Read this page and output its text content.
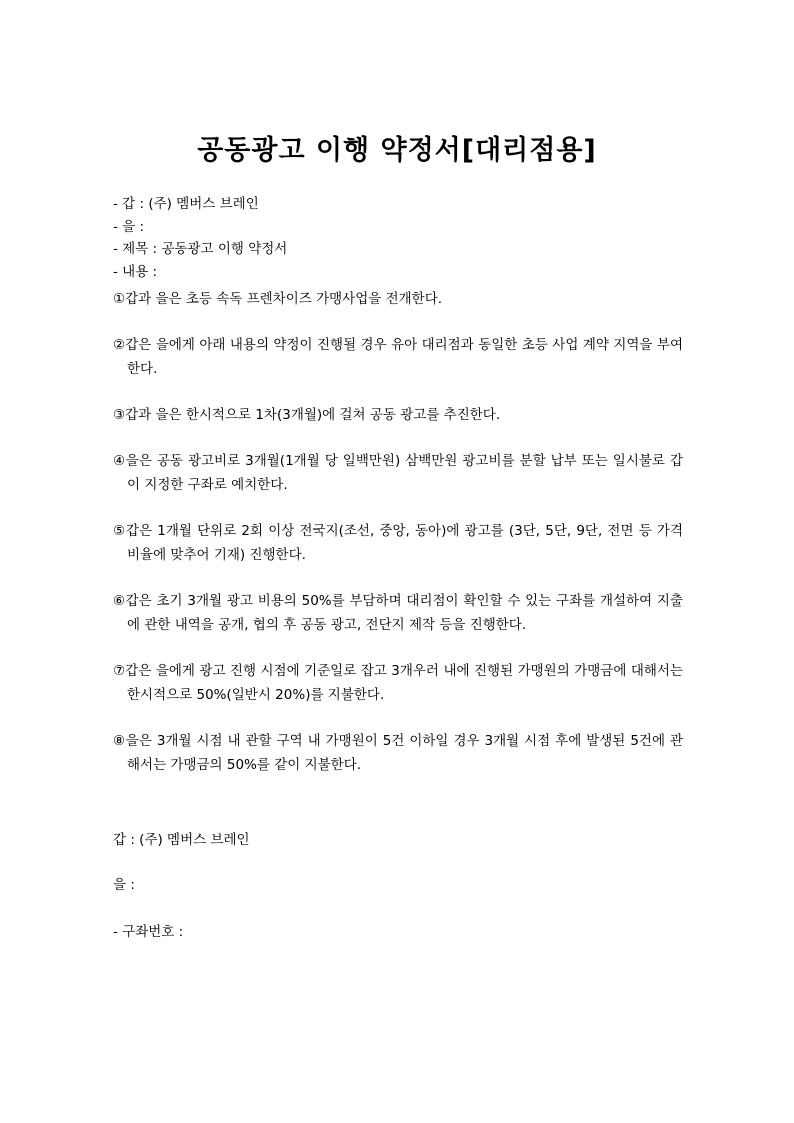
공동광고 이행 약정서[대리점용]
- 갑 : (주) 멤버스 브레인
- 을 :
- 제목 : 공동광고 이행 약정서
- 내용 :

①갑과 을은 초등 속독 프렌차이즈 가맹사업을 전개한다.

②갑은 을에게 아래 내용의 약정이 진행될 경우 유아 대리점과 동일한 초등 사업 계약 지역을 부여한다.

③갑과 을은 한시적으로 1차(3개월)에 걸쳐 공동 광고를 추진한다.

④을은 공동 광고비로 3개월(1개월 당 일백만원) 삼백만원 광고비를 분할 납부 또는 일시불로 갑이 지정한 구좌로 예치한다.

⑤갑은 1개월 단위로 2회 이상 전국지(조선, 중앙, 동아)에 광고를 (3단, 5단, 9단, 전면 등 가격 비율에 맞추어 기재) 진행한다.

⑥갑은 초기 3개월 광고 비용의 50%를 부담하며 대리점이 확인할 수 있는 구좌를 개설하여 지출에 관한 내역을 공개, 협의 후 공동 광고, 전단지 제작 등을 진행한다.

⑦갑은 을에게 광고 진행 시점에 기준일로 잡고 3개우러 내에 진행된 가맹원의 가맹금에 대해서는 한시적으로 50%(일반시 20%)를 지불한다.

⑧을은 3개월 시점 내 관할 구역 내 가맹원이 5건 이하일 경우 3개월 시점 후에 발생된 5건에 관해서는 가맹금의 50%를 같이 지불한다.

갑 : (주) 멤버스 브레인
을 :
- 구좌번호 :
